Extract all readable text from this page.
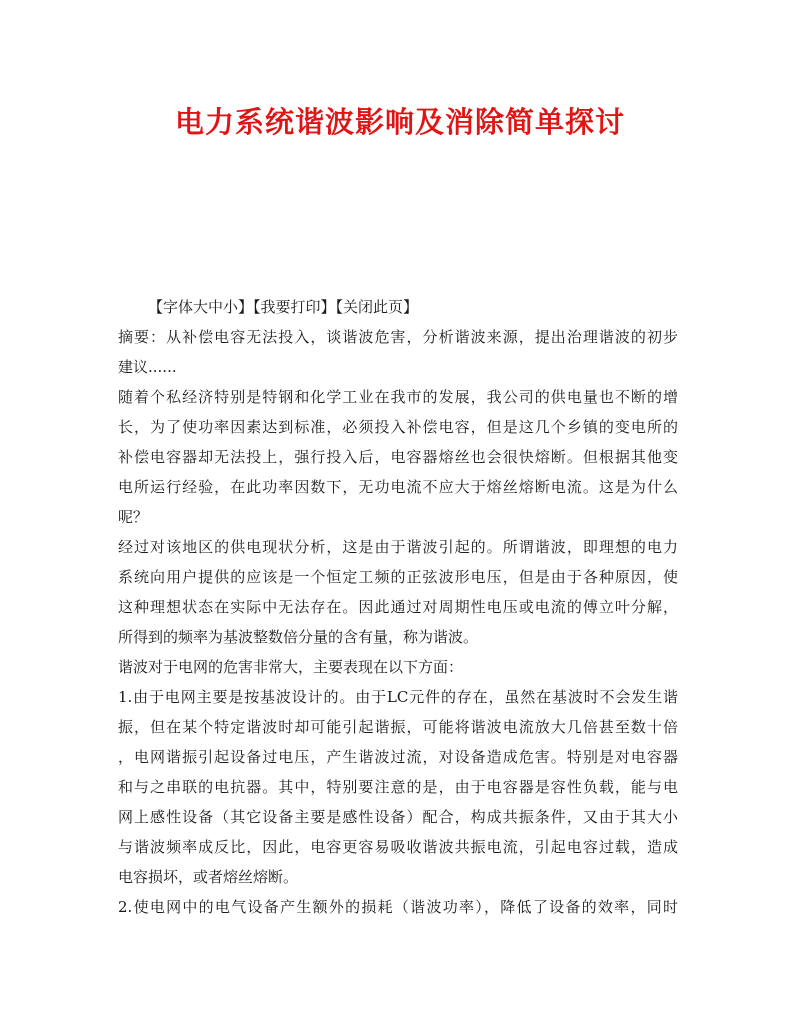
电力系统谐波影响及消除简单探讨
【字体大中小】【我要打印】【关闭此页】
摘要：从补偿电容无法投入，谈谐波危害，分析谐波来源，提出治理谐波的初步
建议......
随着个私经济特别是特钢和化学工业在我市的发展，我公司的供电量也不断的增
长，为了使功率因素达到标准，必须投入补偿电容，但是这几个乡镇的变电所的
补偿电容器却无法投上，强行投入后，电容器熔丝也会很快熔断。但根据其他变
电所运行经验，在此功率因数下，无功电流不应大于熔丝熔断电流。这是为什么
呢？
经过对该地区的供电现状分析，这是由于谐波引起的。所谓谐波，即理想的电力
系统向用户提供的应该是一个恒定工频的正弦波形电压，但是由于各种原因，使
这种理想状态在实际中无法存在。因此通过对周期性电压或电流的傅立叶分解，
所得到的频率为基波整数倍分量的含有量，称为谐波。
谐波对于电网的危害非常大，主要表现在以下方面：
1.由于电网主要是按基波设计的。由于LC元件的存在，虽然在基波时不会发生谐
振，但在某个特定谐波时却可能引起谐振，可能将谐波电流放大几倍甚至数十倍
，电网谐振引起设备过电压，产生谐波过流，对设备造成危害。特别是对电容器
和与之串联的电抗器。其中，特别要注意的是，由于电容器是容性负载，能与电
网上感性设备（其它设备主要是感性设备）配合，构成共振条件，又由于其大小
与谐波频率成反比，因此，电容更容易吸收谐波共振电流，引起电容过载，造成
电容损坏，或者熔丝熔断。
2.使电网中的电气设备产生额外的损耗（谐波功率），降低了设备的效率，同时
